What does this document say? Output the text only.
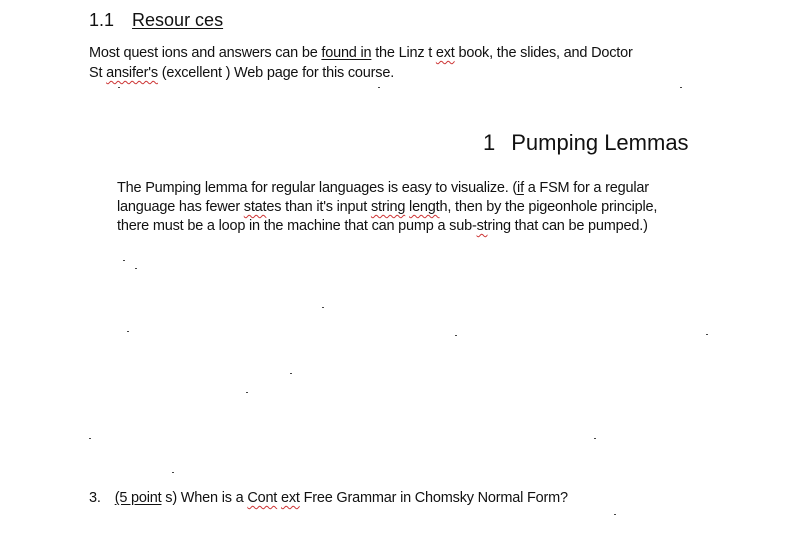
1.1 Resour ces
Most quest ions and answers can be found in the Linz t ext book, the slides, and Doctor
St ansifer's (excellent ) Web page for this course.
1 Pumping Lemmas
The Pumping lemma for regular languages is easy to visualize. (if a FSM for a regular
language has fewer states than it's input string length, then by the pigeonhole principle,
there must be a loop in the machine that can pump a sub-string that can be pumped.)
3. (5 point s) When is a Cont ext Free Grammar in Chomsky Normal Form?
